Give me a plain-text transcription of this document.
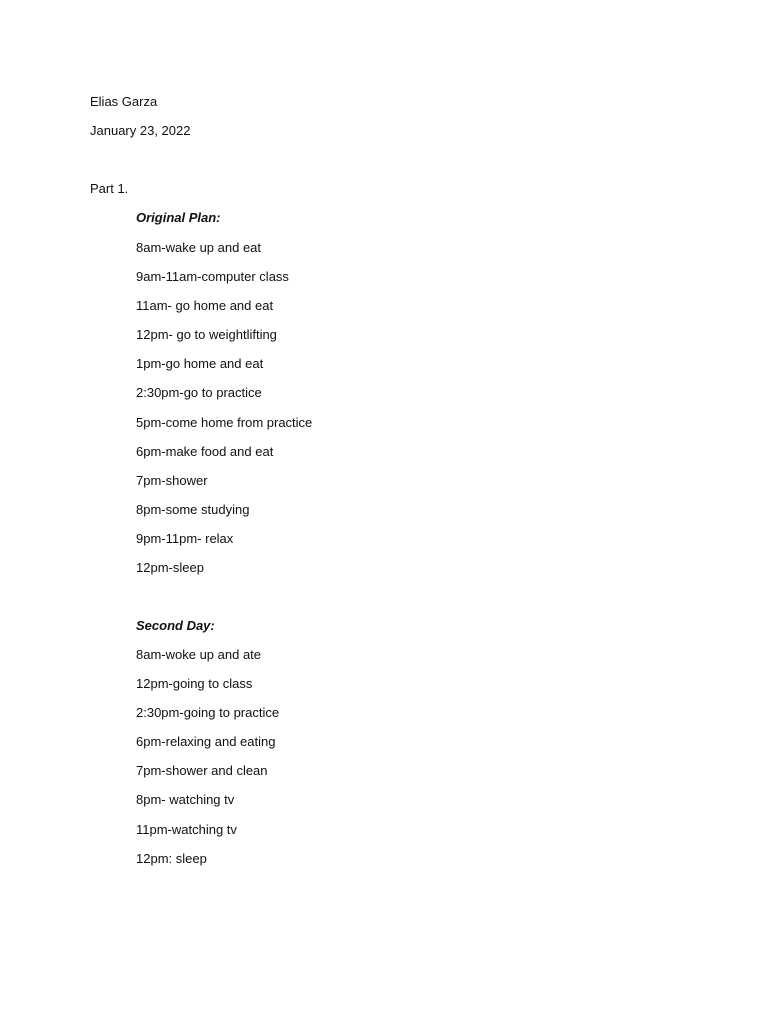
Elias Garza
January 23, 2022
Part 1.
Original Plan:
8am-wake up and eat
9am-11am-computer class
11am- go home and eat
12pm- go to weightlifting
1pm-go home and eat
2:30pm-go to practice
5pm-come home from practice
6pm-make food and eat
7pm-shower
8pm-some studying
9pm-11pm- relax
12pm-sleep
Second Day:
8am-woke up and ate
12pm-going to class
2:30pm-going to practice
6pm-relaxing and eating
7pm-shower and clean
8pm- watching tv
11pm-watching tv
12pm: sleep
